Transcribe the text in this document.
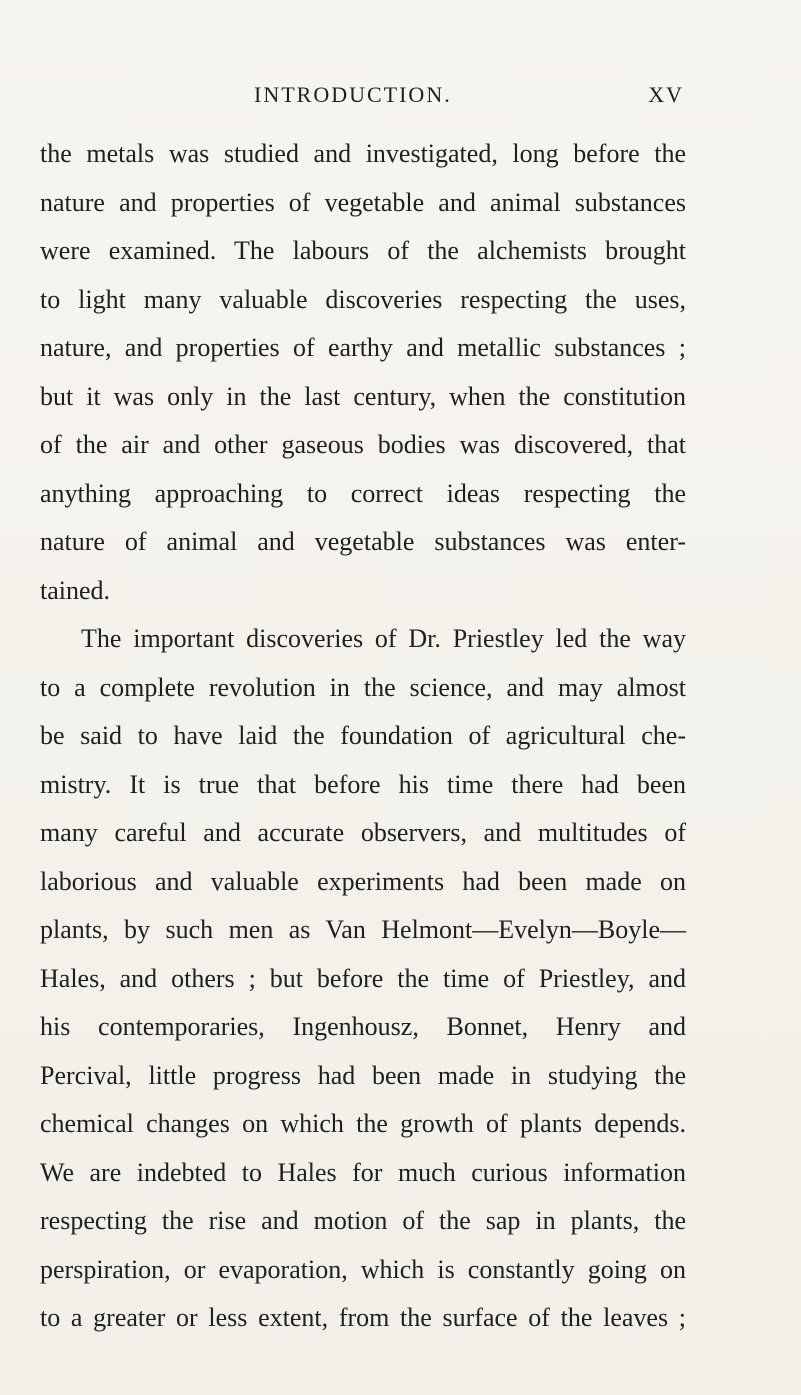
INTRODUCTION.	XV
the metals was studied and investigated, long before the
nature and properties of vegetable and animal substances
were examined. The labours of the alchemists brought
to light many valuable discoveries respecting the uses,
nature, and properties of earthy and metallic substances ;
but it was only in the last century, when the constitution
of the air and other gaseous bodies was discovered, that
anything approaching to correct ideas respecting the
nature of animal and vegetable substances was enter-
tained.
The important discoveries of Dr. Priestley led the way
to a complete revolution in the science, and may almost
be said to have laid the foundation of agricultural che-
mistry. It is true that before his time there had been
many careful and accurate observers, and multitudes of
laborious and valuable experiments had been made on
plants, by such men as Van Helmont—Evelyn—Boyle—
Hales, and others ; but before the time of Priestley, and
his contemporaries, Ingenhousz, Bonnet, Henry and
Percival, little progress had been made in studying the
chemical changes on which the growth of plants depends.
We are indebted to Hales for much curious information
respecting the rise and motion of the sap in plants, the
perspiration, or evaporation, which is constantly going on
to a greater or less extent, from the surface of the leaves ;
